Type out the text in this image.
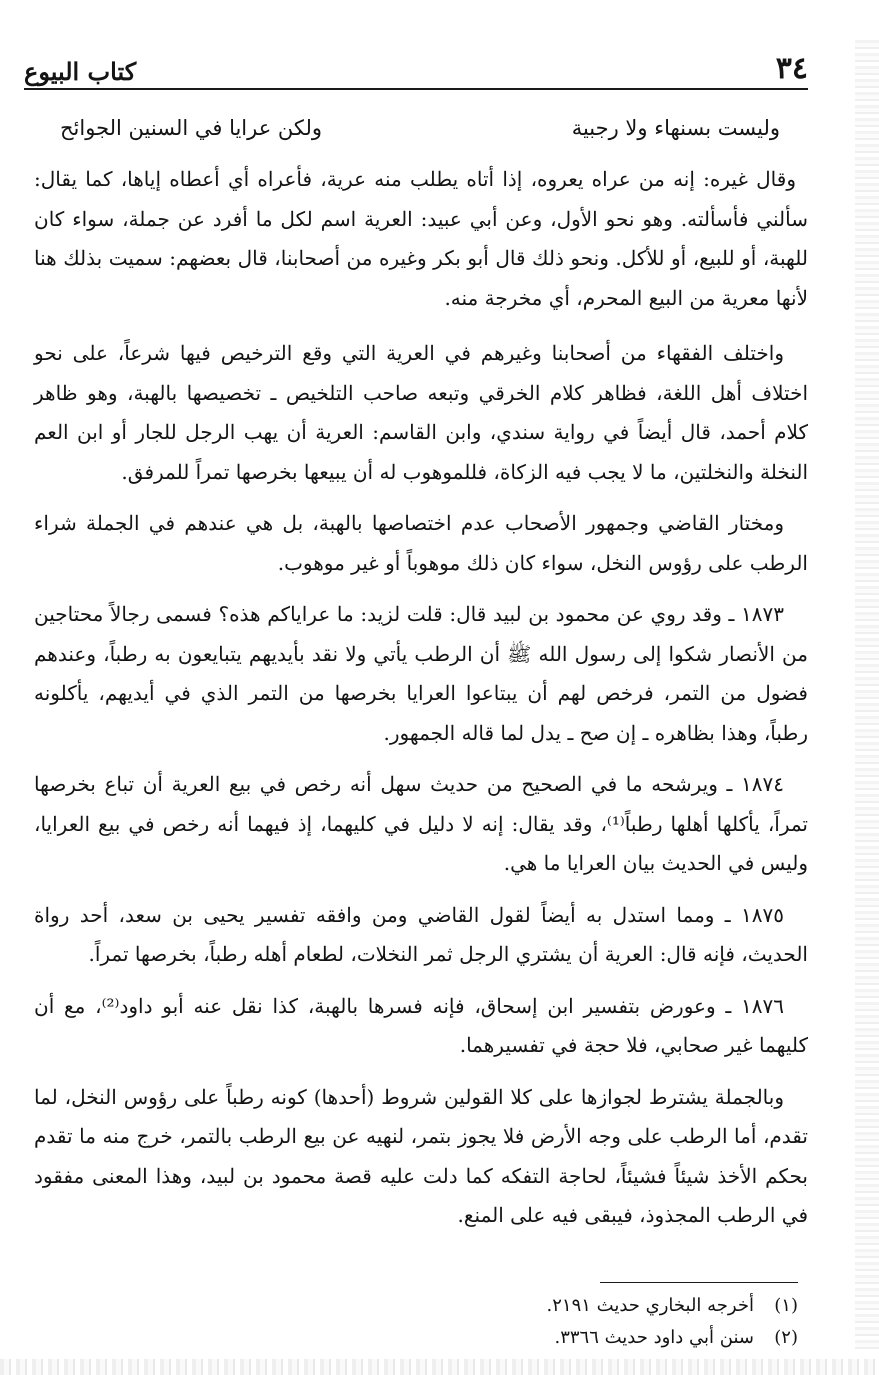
كتاب البيوع	٣٤
وليست بسنهاء ولا رجبية
ولكن عرايا في السنين الجوائح

وقال غيره: إنه من عراه يعروه، إذا أتاه يطلب منه عرية، فأعراه أي أعطاه إياها، كما يقال: سألني فأسألته. وهو نحو الأول، وعن أبي عبيد: العرية اسم لكل ما أفرد عن جملة، سواء كان للهبة، أو للبيع، أو للأكل. ونحو ذلك قال أبو بكر وغيره من أصحابنا، قال بعضهم: سميت بذلك هنا لأنها معرية من البيع المحرم، أي مخرجة منه.

واختلف الفقهاء من أصحابنا وغيرهم في العرية التي وقع الترخيص فيها شرعاً، على نحو اختلاف أهل اللغة، فظاهر كلام الخرقي وتبعه صاحب التلخيص ـ تخصيصها بالهبة، وهو ظاهر كلام أحمد، قال أيضاً في رواية سندي، وابن القاسم: العرية أن يهب الرجل للجار أو ابن العم النخلة والنخلتين، ما لا يجب فيه الزكاة، فللموهوب له أن يبيعها بخرصها تمراً للمرفق.

ومختار القاضي وجمهور الأصحاب عدم اختصاصها بالهبة، بل هي عندهم في الجملة شراء الرطب على رؤوس النخل، سواء كان ذلك موهوباً أو غير موهوب.

١٨٧٣ ـ وقد روي عن محمود بن لبيد قال: قلت لزيد: ما عراياكم هذه؟ فسمى رجالاً محتاجين من الأنصار شكوا إلى رسول الله ﷺ أن الرطب يأتي ولا نقد بأيديهم يتبايعون به رطباً، وعندهم فضول من التمر، فرخص لهم أن يبتاعوا العرايا بخرصها من التمر الذي في أيديهم، يأكلونه رطباً، وهذا بظاهره ـ إن صح ـ يدل لما قاله الجمهور.

١٨٧٤ ـ ويرشحه ما في الصحيح من حديث سهل أنه رخص في بيع العرية أن تباع بخرصها تمراً، يأكلها أهلها رطباً⁽¹⁾، وقد يقال: إنه لا دليل في كليهما، إذ فيهما أنه رخص في بيع العرايا، وليس في الحديث بيان العرايا ما هي.

١٨٧٥ ـ ومما استدل به أيضاً لقول القاضي ومن وافقه تفسير يحيى بن سعد، أحد رواة الحديث، فإنه قال: العرية أن يشتري الرجل ثمر النخلات، لطعام أهله رطباً، بخرصها تمراً.

١٨٧٦ ـ وعورض بتفسير ابن إسحاق، فإنه فسرها بالهبة، كذا نقل عنه أبو داود⁽²⁾، مع أن كليهما غير صحابي، فلا حجة في تفسيرهما.

وبالجملة يشترط لجوازها على كلا القولين شروط (أحدها) كونه رطباً على رؤوس النخل، لما تقدم، أما الرطب على وجه الأرض فلا يجوز بتمر، لنهيه عن بيع الرطب بالتمر، خرج منه ما تقدم بحكم الأخذ شيئاً فشيئاً، لحاجة التفكه كما دلت عليه قصة محمود بن لبيد، وهذا المعنى مفقود في الرطب المجذوذ، فيبقى فيه على المنع.

(١)
أخرجه البخاري حديث ٢١٩١.
(٢)
سنن أبي داود حديث ٣٣٦٦.
